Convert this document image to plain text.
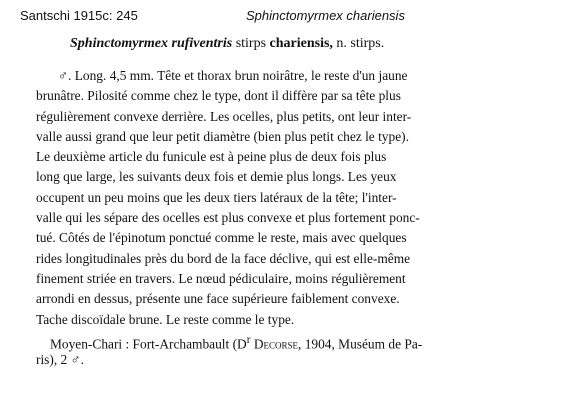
Santschi 1915c: 245	Sphinctomyrmex chariensis
Sphinctomyrmex rufiventris stirps chariensis, n. stirps.
♂. Long. 4,5 mm. Tête et thorax brun noirâtre, le reste d'un jaune
brunâtre. Pilosité comme chez le type, dont il diffère par sa tête plus
régulièrement convexe derrière. Les ocelles, plus petits, ont leur inter-
valle aussi grand que leur petit diamètre (bien plus petit chez le type).
Le deuxième article du funicule est à peine plus de deux fois plus
long que large, les suivants deux fois et demie plus longs. Les yeux
occupent un peu moins que les deux tiers latéraux de la tête; l'inter-
valle qui les sépare des ocelles est plus convexe et plus fortement ponc-
tué. Côtés de l'épinotum ponctué comme le reste, mais avec quelques
rides longitudinales près du bord de la face déclive, qui est elle-même
finement striée en travers. Le nœud pédiculaire, moins régulièrement
arrondi en dessus, présente une face supérieure faiblement convexe.
Tache discoïdale brune. Le reste comme le type.
Moyen-Chari : Fort-Archambault ($D^r$ Decorse, 1904, Muséum de Pa-
ris), 2 ♂.
